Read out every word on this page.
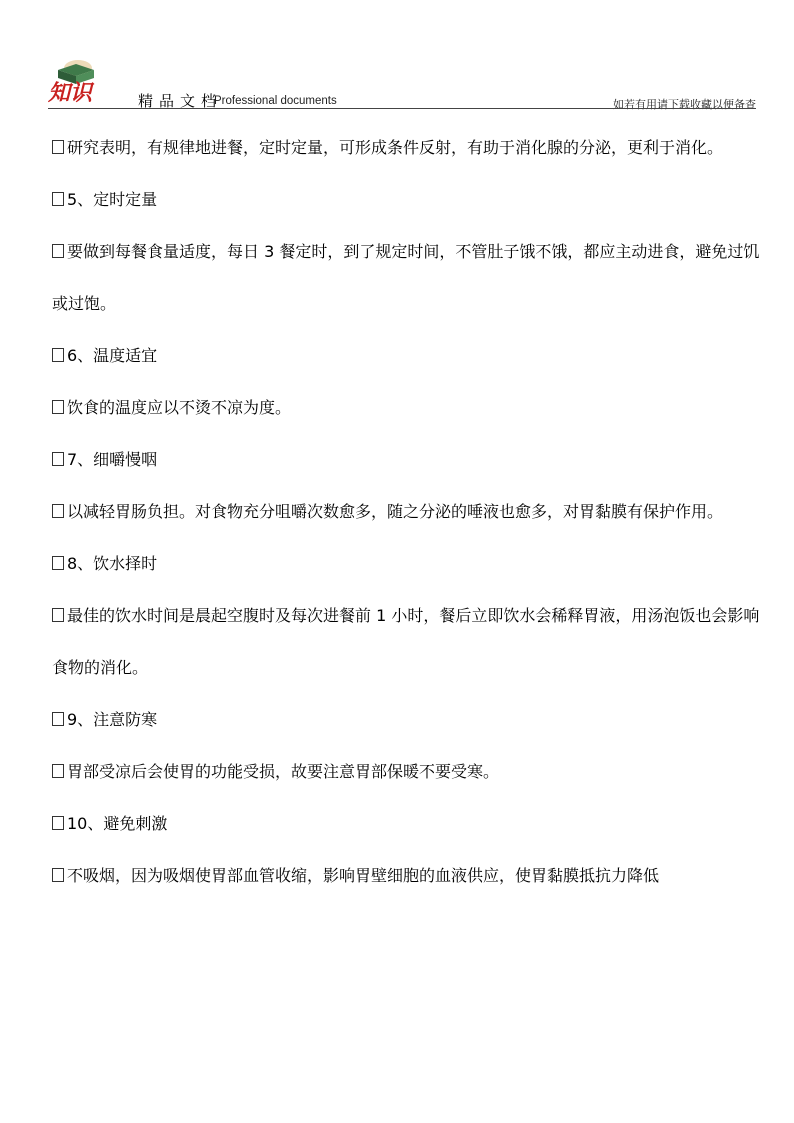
知识	精品文档
Professional documents	如若有用请下载收藏以便备查

研究表明，有规律地进餐，定时定量，可形成条件反射，有助于消化腺的分泌，更利于消化。

5、定时定量

要做到每餐食量适度，每日 3 餐定时，到了规定时间，不管肚子饿不饿，都应主动进食，避免过饥或过饱。

6、温度适宜

饮食的温度应以不烫不凉为度。

7、细嚼慢咽

以减轻胃肠负担。对食物充分咀嚼次数愈多，随之分泌的唾液也愈多，对胃黏膜有保护作用。

8、饮水择时

最佳的饮水时间是晨起空腹时及每次进餐前 1 小时，餐后立即饮水会稀释胃液，用汤泡饭也会影响食物的消化。

9、注意防寒

胃部受凉后会使胃的功能受损，故要注意胃部保暖不要受寒。

10、避免刺激

不吸烟，因为吸烟使胃部血管收缩，影响胃壁细胞的血液供应，使胃黏膜抵抗力降低
